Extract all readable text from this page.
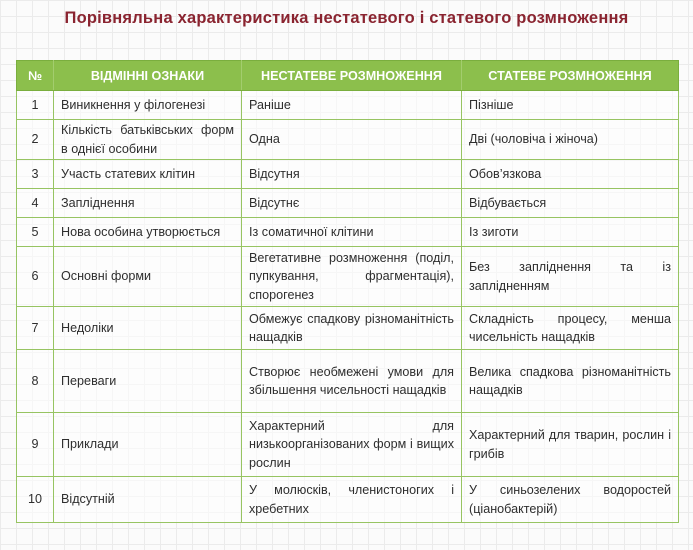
Порівняльна характеристика нестатевого і статевого розмноження
№	ВІДМІННІ ОЗНАКИ	НЕСТАТЕВЕ РОЗМНОЖЕННЯ	СТАТЕВЕ РОЗМНОЖЕННЯ
1	Виникнення у філогенезі	Раніше	Пізніше
2	Кількість батьківських форм в однієї особини	Одна	Дві (чоловіча і жіноча)
3	Участь статевих клітин	Відсутня	Обов’язкова
4	Запліднення	Відсутнє	Відбувається
5	Нова особина утворюється	Із соматичної клітини	Із зиготи
6	Основні форми	Вегетативне розмноження (поділ, пупкування, фрагментація), спорогенез	Без запліднення та із заплідненням
7	Недоліки	Обмежує спадкову різноманітність нащадків	Складність процесу, менша чисельність нащадків
8	Переваги	Створює необмежені умови для збільшення чисельності нащадків	Велика спадкова різноманітність нащадків
9	Приклади	Характерний для низькоорганізованих форм і вищих рослин	Характерний для тварин, рослин і грибів
10	Відсутній	У молюсків, членистоногих і хребетних	У синьозелених водоростей (ціанобактерій)
